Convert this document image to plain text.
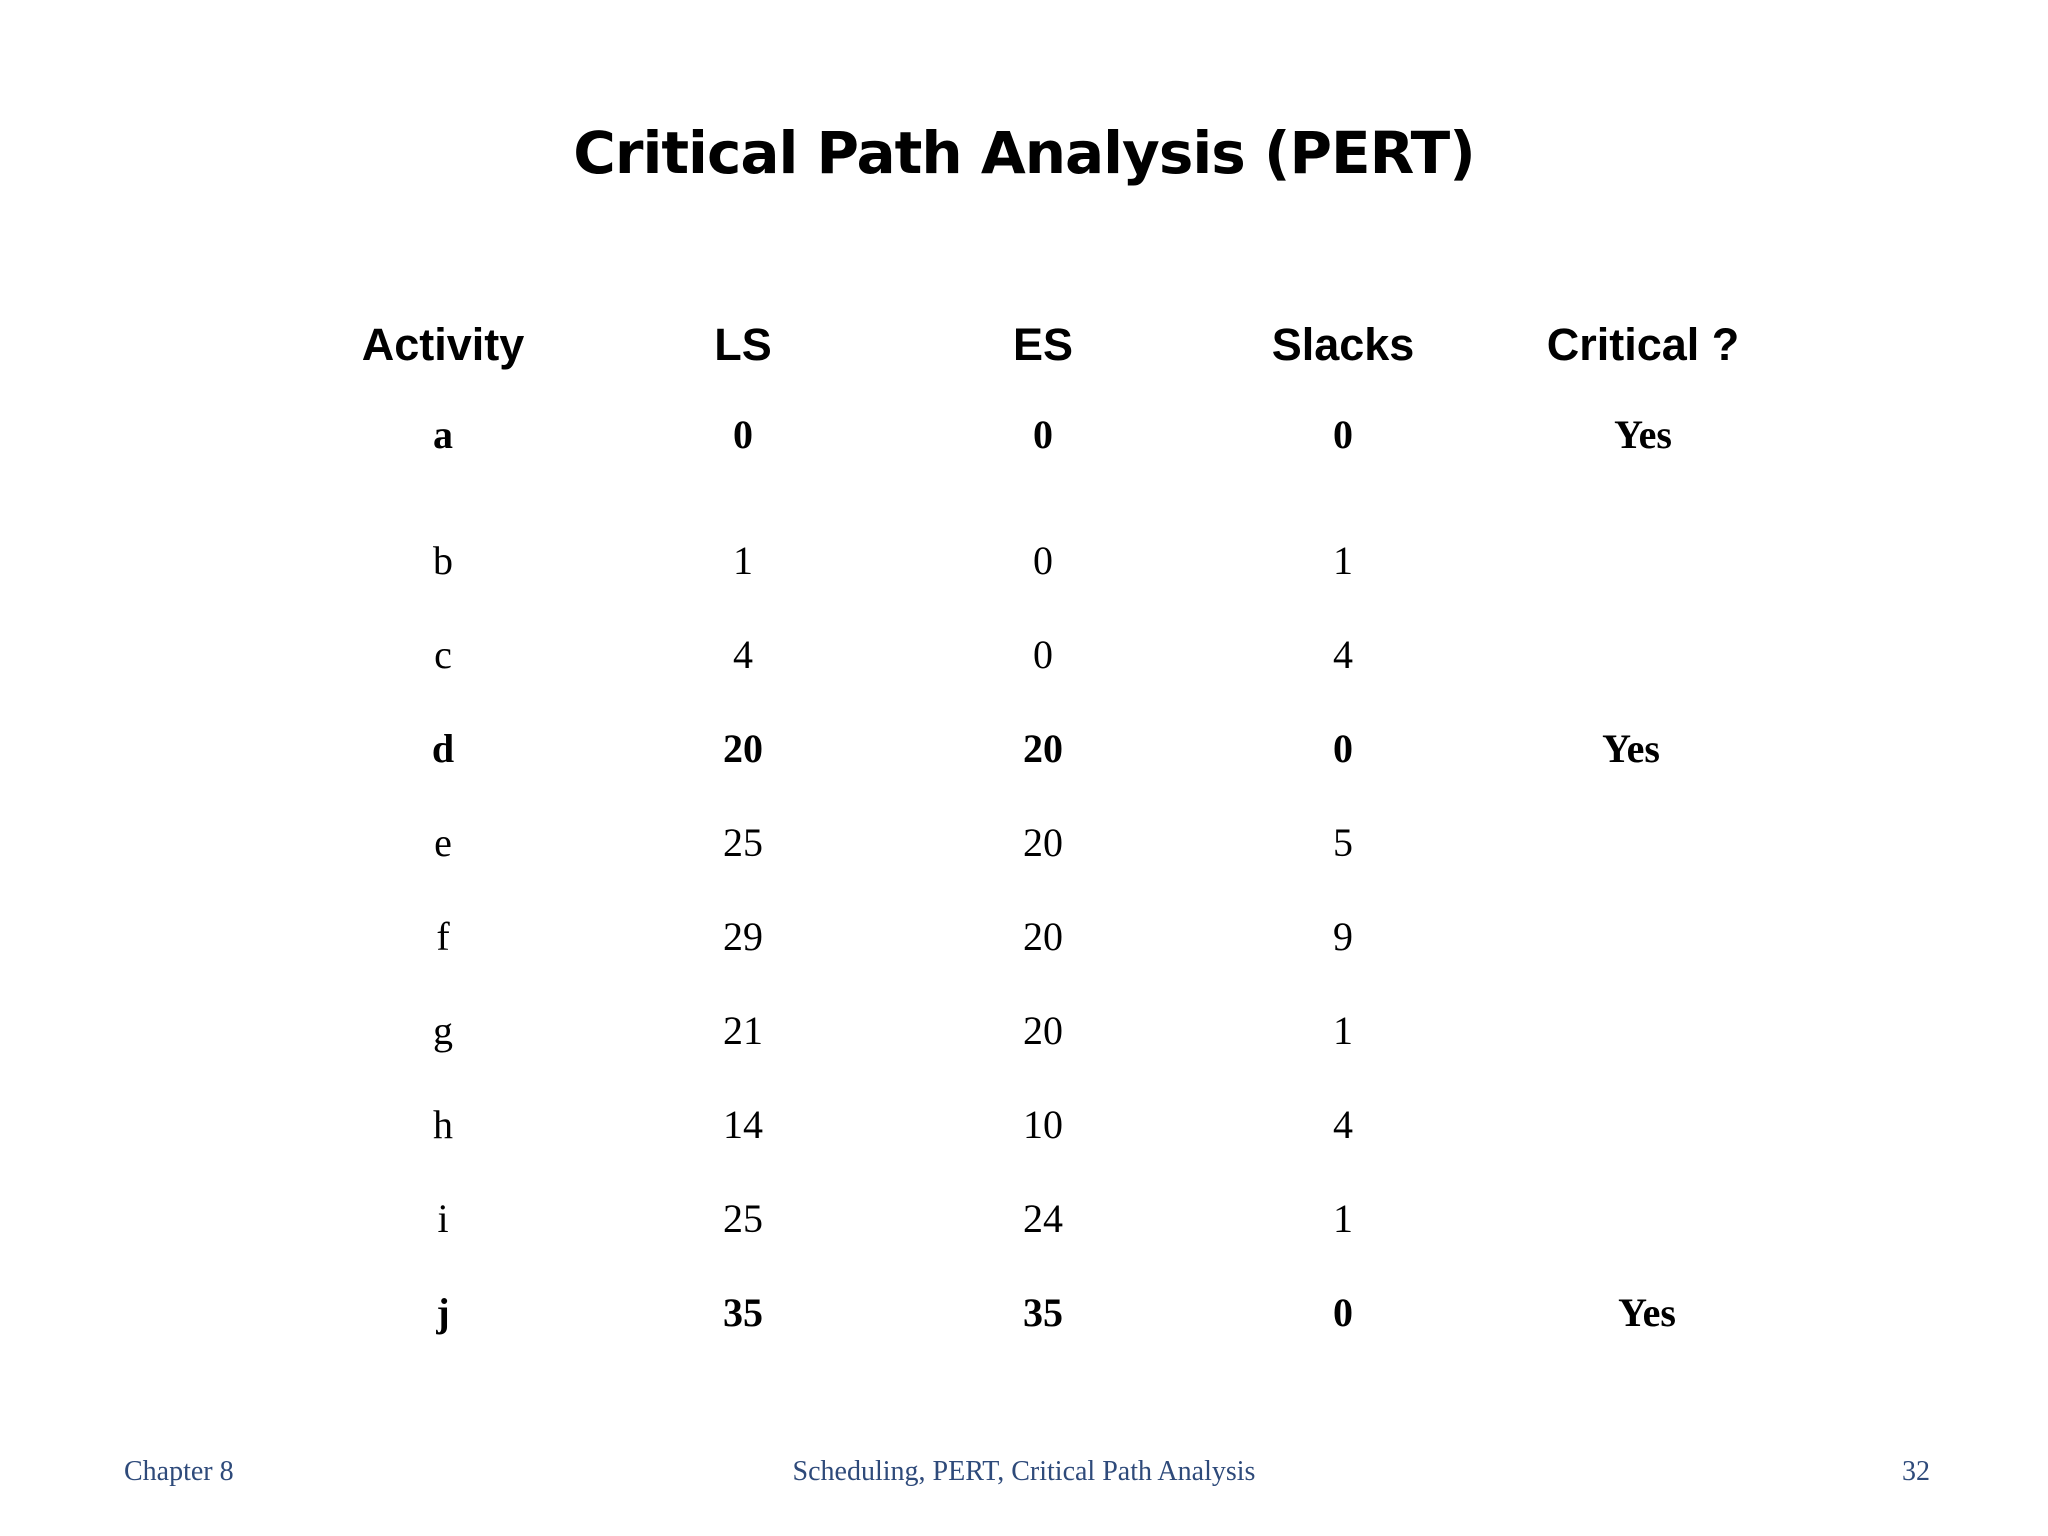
Critical Path Analysis (PERT)
Activity	LS	ES	Slacks	Critical ?
a	0	0	0	Yes
b	1	0	1
c	4	0	4
d	20	20	0	Yes
e	25	20	5
f	29	20	9
g	21	20	1
h	14	10	4
i	25	24	1
j	35	35	0	Yes
Chapter 8	Scheduling, PERT, Critical Path Analysis	32
